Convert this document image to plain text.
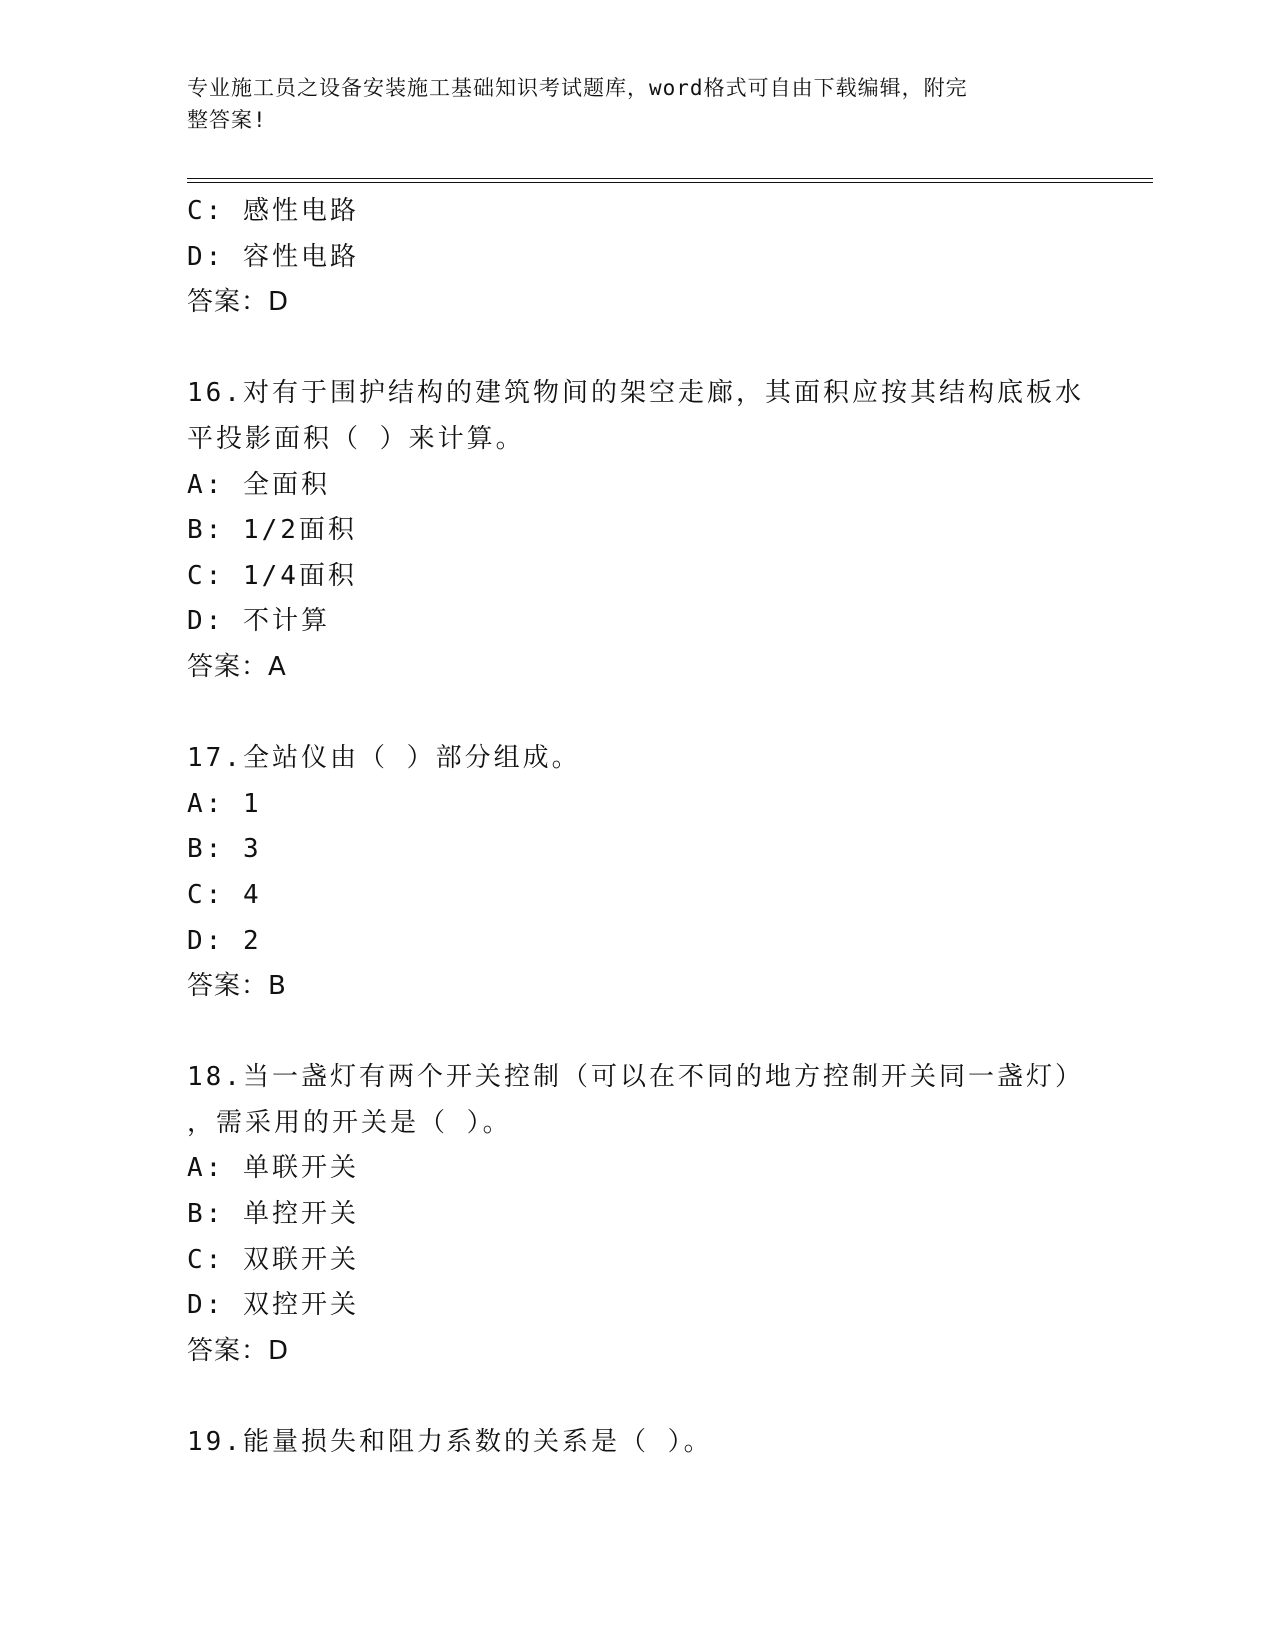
专业施工员之设备安装施工基础知识考试题库，word格式可自由下载编辑，附完
整答案!
C: 感性电路
D: 容性电路
答案：D
16.对有于围护结构的建筑物间的架空走廊，其面积应按其结构底板水
平投影面积（ ）来计算。
A: 全面积
B: 1/2面积
C: 1/4面积
D: 不计算
答案：A
17.全站仪由（ ）部分组成。
A: 1
B: 3
C: 4
D: 2
答案：B
18.当一盏灯有两个开关控制（可以在不同的地方控制开关同一盏灯）
，需采用的开关是（ ）。
A: 单联开关
B: 单控开关
C: 双联开关
D: 双控开关
答案：D
19.能量损失和阻力系数的关系是（ ）。
